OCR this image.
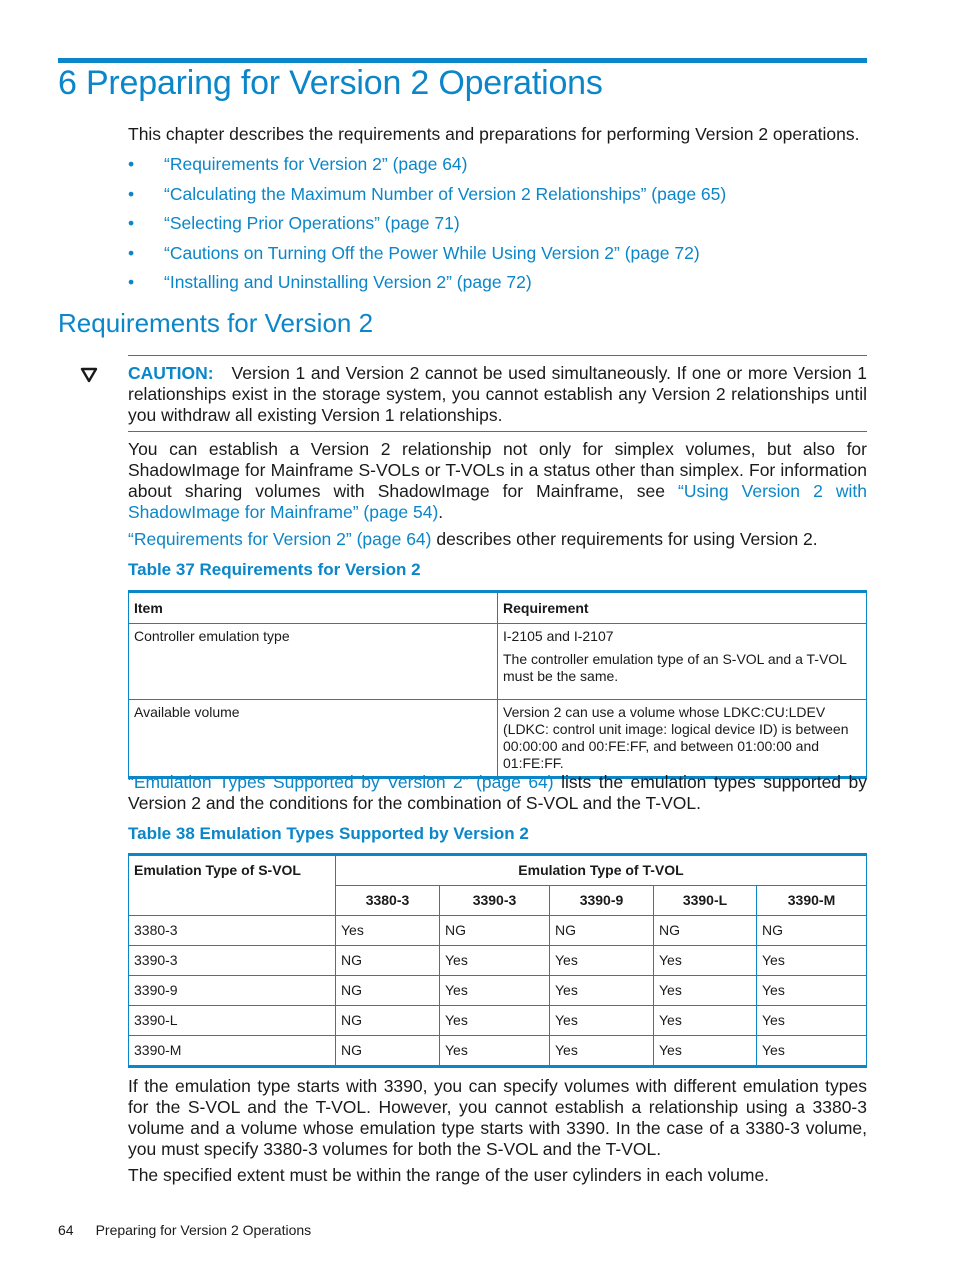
6 Preparing for Version 2 Operations

This chapter describes the requirements and preparations for performing Version 2 operations.

• “Requirements for Version 2” (page 64)
• “Calculating the Maximum Number of Version 2 Relationships” (page 65)
• “Selecting Prior Operations” (page 71)
• “Cautions on Turning Off the Power While Using Version 2” (page 72)
• “Installing and Uninstalling Version 2” (page 72)
Requirements for Version 2
CAUTION: Version 1 and Version 2 cannot be used simultaneously. If one or more Version 1 relationships exist in the storage system, you cannot establish any Version 2 relationships until you withdraw all existing Version 1 relationships.

You can establish a Version 2 relationship not only for simplex volumes, but also for ShadowImage for Mainframe S-VOLs or T-VOLs in a status other than simplex. For information about sharing volumes with ShadowImage for Mainframe, see “Using Version 2 with ShadowImage for Mainframe” (page 54).

“Requirements for Version 2” (page 64) describes other requirements for using Version 2.

Table 37 Requirements for Version 2

Item	Requirement
Controller emulation type	I-2105 and I-2107

The controller emulation type of an S-VOL and a T-VOL must be the same.

Available volume	Version 2 can use a volume whose LDKC:CU:LDEV (LDKC: control unit image: logical device ID) is between 00:00:00 and 00:FE:FF, and between 01:00:00 and 01:FE:FF.

“Emulation Types Supported by Version 2” (page 64) lists the emulation types supported by Version 2 and the conditions for the combination of S-VOL and the T-VOL.

Table 38 Emulation Types Supported by Version 2

Emulation Type of S-VOL	Emulation Type of T-VOL				
	3380-3	3390-3	3390-9	3390-L	3390-M
3380-3	Yes	NG	NG	NG	NG
3390-3	NG	Yes	Yes	Yes	Yes
3390-9	NG	Yes	Yes	Yes	Yes
3390-L	NG	Yes	Yes	Yes	Yes
3390-M	NG	Yes	Yes	Yes	Yes

If the emulation type starts with 3390, you can specify volumes with different emulation types for the S-VOL and the T-VOL. However, you cannot establish a relationship using a 3380-3 volume and a volume whose emulation type starts with 3390. In the case of a 3380-3 volume, you must specify 3380-3 volumes for both the S-VOL and the T-VOL.

The specified extent must be within the range of the user cylinders in each volume.

64 Preparing for Version 2 Operations
